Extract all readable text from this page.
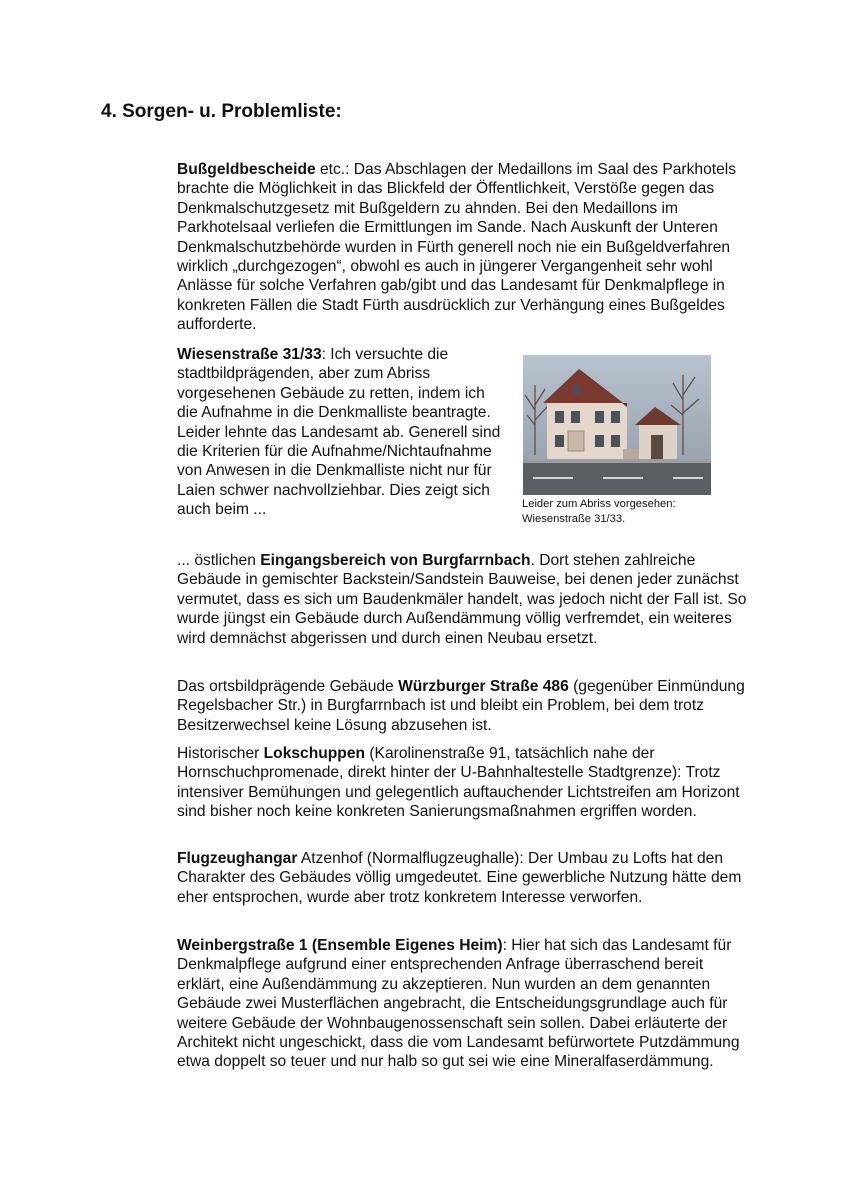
4. Sorgen- u. Problemliste:

Bußgeldbescheide etc.: Das Abschlagen der Medaillons im Saal des Parkhotels brachte die Möglichkeit in das Blickfeld der Öffentlichkeit, Verstöße gegen das Denkmalschutzgesetz mit Bußgeldern zu ahnden. Bei den Medaillons im Parkhotelsaal verliefen die Ermittlungen im Sande. Nach Auskunft der Unteren Denkmalschutzbehörde wurden in Fürth generell noch nie ein Bußgeldverfahren wirklich „durchgezogen“, obwohl es auch in jüngerer Vergangenheit sehr wohl Anlässe für solche Verfahren gab/gibt und das Landesamt für Denkmalpflege in konkreten Fällen die Stadt Fürth ausdrücklich zur Verhängung eines Bußgeldes aufforderte.

Wiesenstraße 31/33: Ich versuchte die stadtbildprägenden, aber zum Abriss vorgesehenen Gebäude zu retten, indem ich die Aufnahme in die Denkmalliste beantragte. Leider lehnte das Landesamt ab. Generell sind die Kriterien für die Aufnahme/Nichtaufnahme von Anwesen in die Denkmalliste nicht nur für Laien schwer nachvollziehbar. Dies zeigt sich auch beim ...	Leider zum Abriss vorgesehen:
Wiesenstraße 31/33.

... östlichen Eingangsbereich von Burgfarrnbach. Dort stehen zahlreiche Gebäude in gemischter Backstein/Sandstein Bauweise, bei denen jeder zunächst vermutet, dass es sich um Baudenkmäler handelt, was jedoch nicht der Fall ist. So wurde jüngst ein Gebäude durch Außendämmung völlig verfremdet, ein weiteres wird demnächst abgerissen und durch einen Neubau ersetzt.

Das ortsbildprägende Gebäude Würzburger Straße 486 (gegenüber Einmündung Regelsbacher Str.) in Burgfarrnbach ist und bleibt ein Problem, bei dem trotz Besitzerwechsel keine Lösung abzusehen ist.

Historischer Lokschuppen (Karolinenstraße 91, tatsächlich nahe der Hornschuchpromenade, direkt hinter der U-Bahnhaltestelle Stadtgrenze): Trotz intensiver Bemühungen und gelegentlich auftauchender Lichtstreifen am Horizont sind bisher noch keine konkreten Sanierungsmaßnahmen ergriffen worden.

Flugzeughangar Atzenhof (Normalflugzeughalle): Der Umbau zu Lofts hat den Charakter des Gebäudes völlig umgedeutet. Eine gewerbliche Nutzung hätte dem eher entsprochen, wurde aber trotz konkretem Interesse verworfen.

Weinbergstraße 1 (Ensemble Eigenes Heim): Hier hat sich das Landesamt für Denkmalpflege aufgrund einer entsprechenden Anfrage überraschend bereit erklärt, eine Außendämmung zu akzeptieren. Nun wurden an dem genannten Gebäude zwei Musterflächen angebracht, die Entscheidungsgrundlage auch für weitere Gebäude der Wohnbaugenossenschaft sein sollen. Dabei erläuterte der Architekt nicht ungeschickt, dass die vom Landesamt befürwortete Putzdämmung etwa doppelt so teuer und nur halb so gut sei wie eine Mineralfaserdämmung.
